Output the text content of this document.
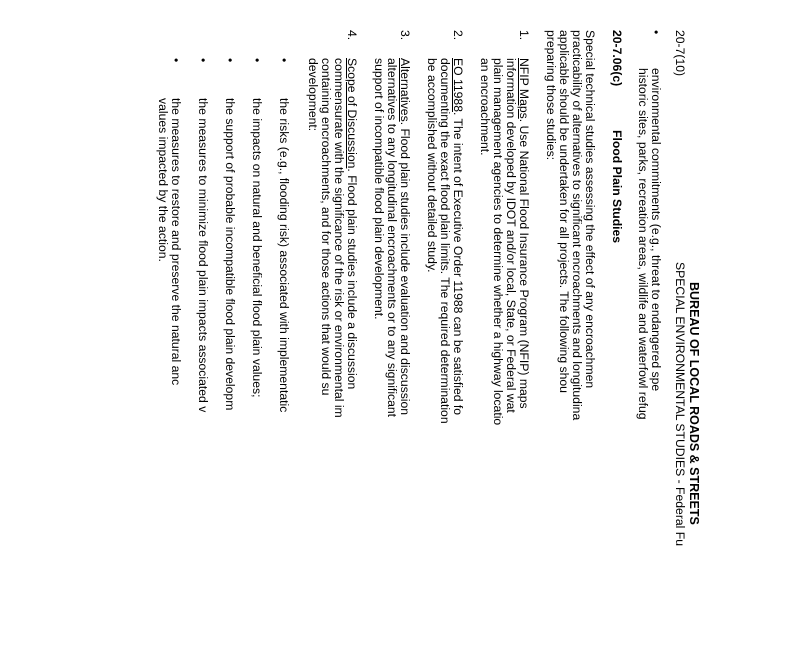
BUREAU OF LOCAL ROADS & STREETS
20-7(10)
SPECIAL ENVIRONMENTAL STUDIES - Federal Fu
•
environmental commitments (e.g., threat to endangered spe
historic sites, parks, recreation areas, wildlife and waterfowl refug
20-7.06(c)
Flood Plain Studies
Special technical studies assessing the effect of any encroachmen
practicability of alternatives to significant encroachments and longitudina
applicable should be undertaken for all projects. The following shou
preparing those studies:
1.
NFIP Maps. Use National Flood Insurance Program (NFIP) maps
information developed by IDOT and/or local, State, or Federal wat
plain management agencies to determine whether a highway locatio
an encroachment.
2.
EO 11988. The intent of Executive Order 11988 can be satisfied fo
documenting the exact flood plain limits. The required determination
be accomplished without detailed study.
3.
Alternatives. Flood plain studies include evaluation and discussion
alternatives to any longitudinal encroachments or to any significant
support of incompatible flood plain development.
4.
Scope of Discussion. Flood plain studies include a discussion
commensurate with the significance of the risk or environmental im
containing encroachments, and for those actions that would su
development:
•
the risks (e.g., flooding risk) associated with implementatic
•
the impacts on natural and beneficial flood plain values;
•
the support of probable incompatible flood plain developm
•
the measures to minimize flood plain impacts associated v
•
the measures to restore and preserve the natural anc
values impacted by the action.
